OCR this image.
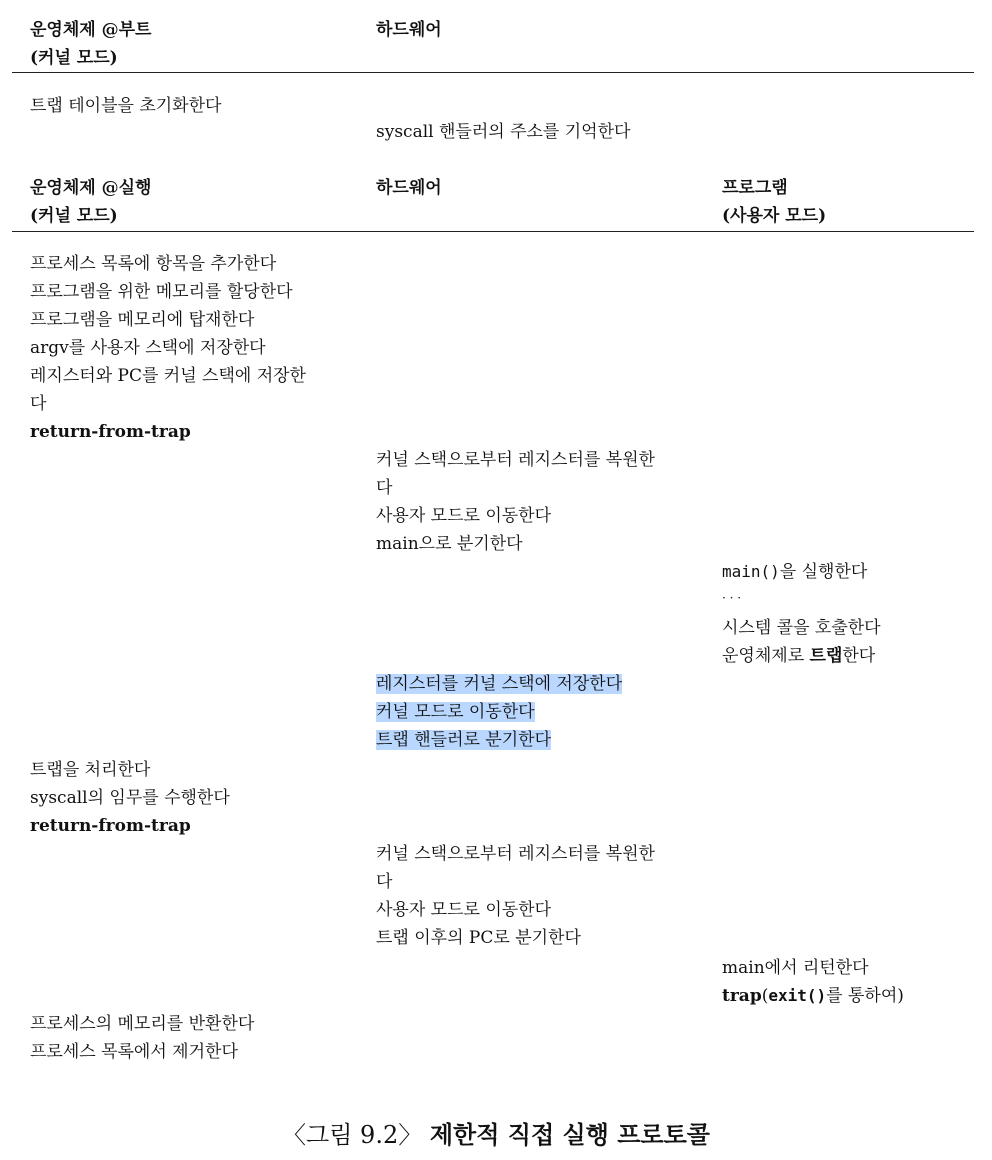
운영체제 @부트
(커널 모드)
하드웨어
트랩 테이블을 초기화한다
syscall 핸들러의 주소를 기억한다
운영체제 @실행
(커널 모드)
하드웨어	프로그램
(사용자 모드)
프로세스 목록에 항목을 추가한다
프로그램을 위한 메모리를 할당한다
프로그램을 메모리에 탑재한다
argv를 사용자 스택에 저장한다
레지스터와 PC를 커널 스택에 저장한
다
return-from-trap
커널 스택으로부터 레지스터를 복원한
다
사용자 모드로 이동한다
main으로 분기한다
main()을 실행한다
· · ·
시스템 콜을 호출한다
운영체제로 트랩한다
레지스터를 커널 스택에 저장한다
커널 모드로 이동한다
트랩 핸들러로 분기한다
트랩을 처리한다
syscall의 임무를 수행한다
return-from-trap
커널 스택으로부터 레지스터를 복원한
다
사용자 모드로 이동한다
트랩 이후의 PC로 분기한다
main에서 리턴한다
trap(exit()를 통하여)
프로세스의 메모리를 반환한다
프로세스 목록에서 제거한다
〈그림 9.2〉 제한적 직접 실행 프로토콜
